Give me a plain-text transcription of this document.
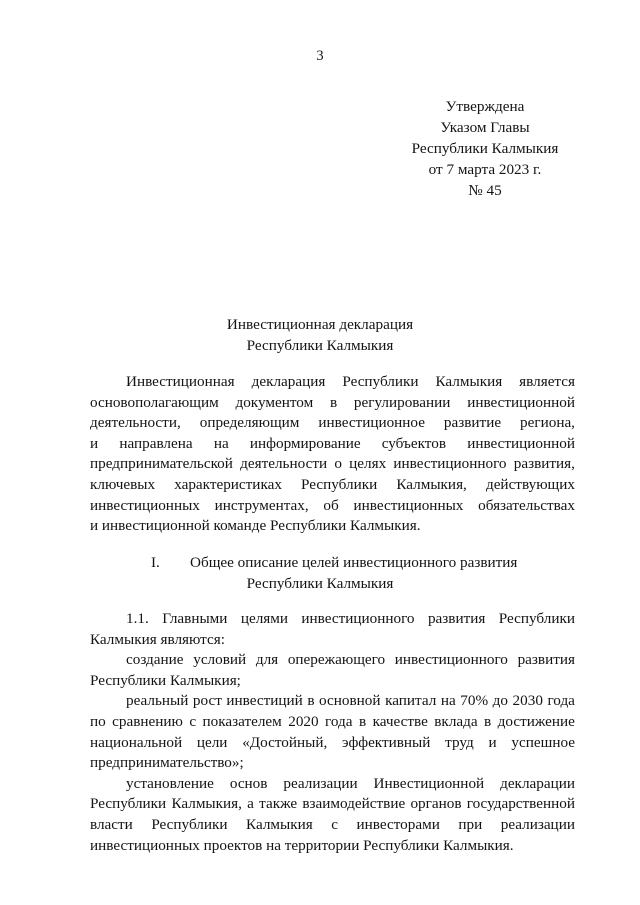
3
Утверждена
Указом Главы
Республики Калмыкия
от 7 марта 2023 г.
№ 45
Инвестиционная декларация
Республики Калмыкия
Инвестиционная декларация Республики Калмыкия является
основополагающим документом в регулировании инвестиционной
деятельности, определяющим инвестиционное развитие региона,
и направлена на информирование субъектов инвестиционной
предпринимательской деятельности о целях инвестиционного развития,
ключевых характеристиках Республики Калмыкия, действующих
инвестиционных инструментах, об инвестиционных обязательствах
и инвестиционной команде Республики Калмыкия.
I. Общее описание целей инвестиционного развития
Республики Калмыкия
1.1. Главными целями инвестиционного развития Республики
Калмыкия являются:
создание условий для опережающего инвестиционного развития
Республики Калмыкия;
реальный рост инвестиций в основной капитал на 70% до 2030 года
по сравнению с показателем 2020 года в качестве вклада в достижение
национальной цели «Достойный, эффективный труд и успешное
предпринимательство»;
установление основ реализации Инвестиционной декларации
Республики Калмыкия, а также взаимодействие органов государственной
власти Республики Калмыкия с инвесторами при реализации
инвестиционных проектов на территории Республики Калмыкия.
